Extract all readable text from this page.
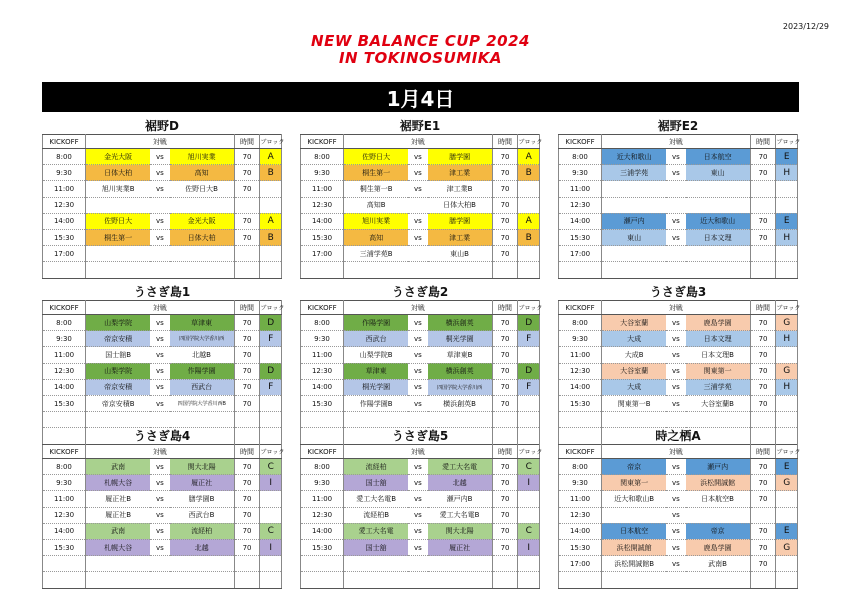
2023/12/29
NEW BALANCE CUP 2024
IN TOKINOSUMIKA
1月4日
裾野D
KICKOFF	対戦			時間	ブロック
8:00	金光大阪	vs	旭川実業	70	A
9:30	日体大柏	vs	高知	70	B
11:00	旭川実業B	vs	佐野日大B	70	
12:30					
14:00	佐野日大	vs	金光大阪	70	A
15:30	桐生第一	vs	日体大柏	70	B
17:00					

裾野E1
KICKOFF	対戦			時間	ブロック
8:00	佐野日大	vs	膳学園	70	A
9:30	桐生第一	vs	津工業	70	B
11:00	桐生第一B	vs	津工業B	70	
12:30	高知B		日体大柏B	70	
14:00	旭川実業	vs	膳学園	70	A
15:30	高知	vs	津工業	70	B
17:00	三浦学苑B		東山B	70	

裾野E2
KICKOFF	対戦			時間	ブロック
8:00	近大和歌山	vs	日本航空	70	E
9:30	三浦学苑	vs	東山	70	H
11:00					
12:30					
14:00	瀬戸内	vs	近大和歌山	70	E
15:30	東山	vs	日本文理	70	H
17:00					

うさぎ島1
KICKOFF	対戦			時間	ブロック
8:00	山梨学院	vs	草津東	70	D
9:30	帝京安積	vs	四国学院大学香川西	70	F
11:00	国士舘B	vs	北越B	70	
12:30	山梨学院	vs	作陽学園	70	D
14:00	帝京安積	vs	西武台	70	F
15:30	帝京安積B	vs	四国学院大学香川西B	70	

うさぎ島2
KICKOFF	対戦			時間	ブロック
8:00	作陽学園	vs	横浜創英	70	D
9:30	西武台	vs	桐光学園	70	F
11:00	山梨学院B	vs	草津東B	70	
12:30	草津東	vs	横浜創英	70	D
14:00	桐光学園	vs	四国学院大学香川西	70	F
15:30	作陽学園B	vs	横浜創英B	70	

うさぎ島3
KICKOFF	対戦			時間	ブロック
8:00	大谷室蘭	vs	鹿島学園	70	G
9:30	大成	vs	日本文理	70	H
11:00	大成B	vs	日本文理B	70	
12:30	大谷室蘭	vs	関東第一	70	G
14:00	大成	vs	三浦学苑	70	H
15:30	関東第一B	vs	大谷室蘭B	70	

うさぎ島4
KICKOFF	対戦			時間	ブロック
8:00	武南	vs	関大北陽	70	C
9:30	札幌大谷	vs	履正社	70	I
11:00	履正社B	vs	膳学園B	70	
12:30	履正社B	vs	西武台B	70	
14:00	武南	vs	流経柏	70	C
15:30	札幌大谷	vs	北越	70	I

うさぎ島5
KICKOFF	対戦			時間	ブロック
8:00	流経柏	vs	愛工大名電	70	C
9:30	国士舘	vs	北越	70	I
11:00	愛工大名電B	vs	瀬戸内B	70	
12:30	流経柏B	vs	愛工大名電B	70	
14:00	愛工大名電	vs	関大北陽	70	C
15:30	国士舘	vs	履正社	70	I

時之栖A
KICKOFF	対戦			時間	ブロック
8:00	帝京	vs	瀬戸内	70	E
9:30	関東第一	vs	浜松開誠館	70	G
11:00	近大和歌山B	vs	日本航空B	70	
12:30		vs			
14:00	日本航空	vs	帝京	70	E
15:30	浜松開誠館	vs	鹿島学園	70	G
17:00	浜松開誠館B	vs	武南B	70	
